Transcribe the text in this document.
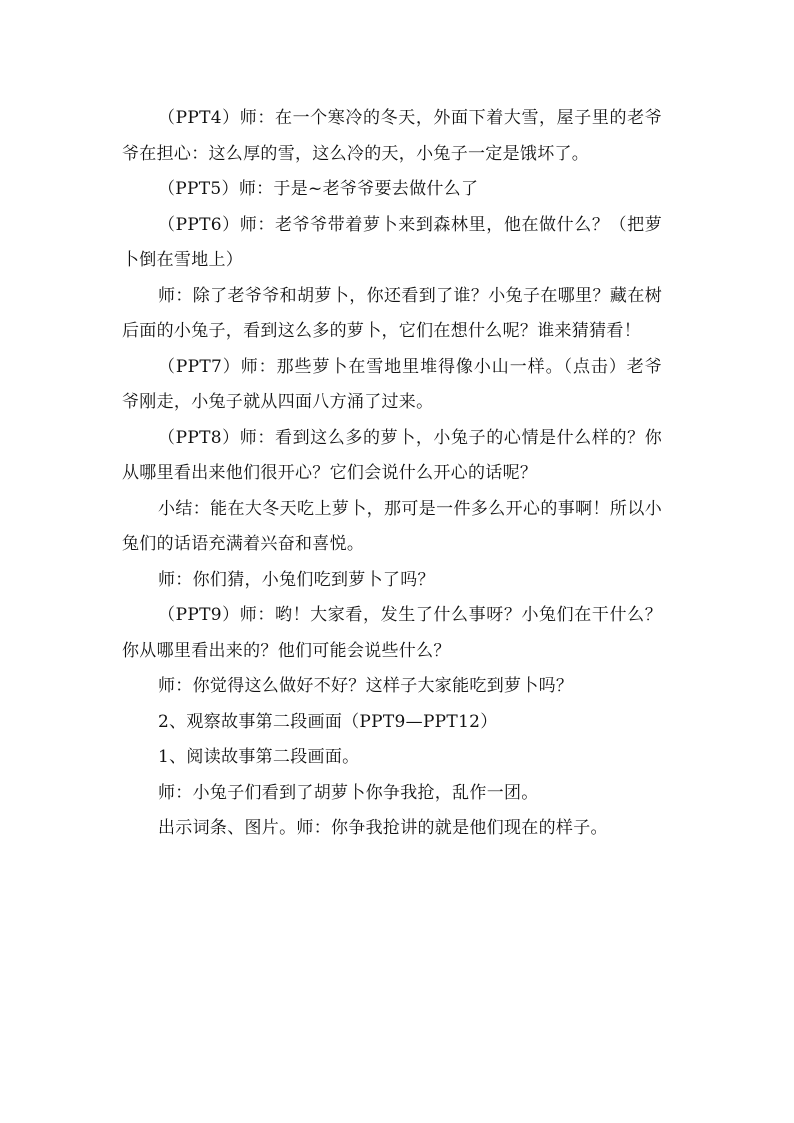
（PPT4）师：在一个寒冷的冬天，外面下着大雪，屋子里的老爷爷在担心：这么厚的雪，这么冷的天，小兔子一定是饿坏了。

（PPT5）师：于是~老爷爷要去做什么了

（PPT6）师：老爷爷带着萝卜来到森林里，他在做什么？（把萝卜倒在雪地上）

师：除了老爷爷和胡萝卜，你还看到了谁？小兔子在哪里？藏在树后面的小兔子，看到这么多的萝卜，它们在想什么呢？谁来猜猜看！

（PPT7）师：那些萝卜在雪地里堆得像小山一样。（点击）老爷爷刚走，小兔子就从四面八方涌了过来。

（PPT8）师：看到这么多的萝卜，小兔子的心情是什么样的？你从哪里看出来他们很开心？它们会说什么开心的话呢？

小结：能在大冬天吃上萝卜，那可是一件多么开心的事啊！所以小兔们的话语充满着兴奋和喜悦。

师：你们猜，小兔们吃到萝卜了吗？

（PPT9）师：哟！大家看，发生了什么事呀？小兔们在干什么？你从哪里看出来的？他们可能会说些什么？

师：你觉得这么做好不好？这样子大家能吃到萝卜吗？

2、观察故事第二段画面（PPT9—PPT12）

1、阅读故事第二段画面。

师：小兔子们看到了胡萝卜你争我抢，乱作一团。

出示词条、图片。师：你争我抢讲的就是他们现在的样子。
